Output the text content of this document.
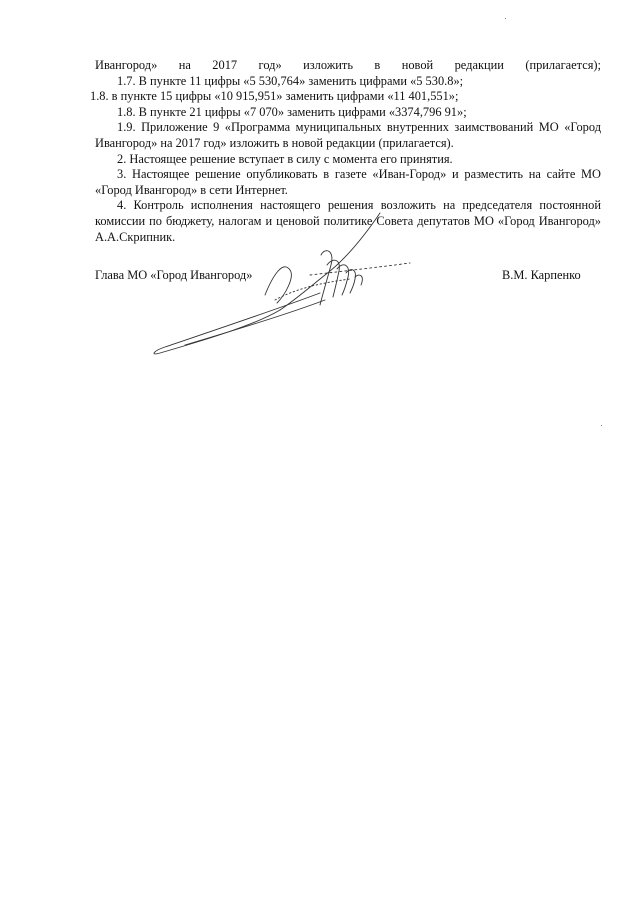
Ивангород» на 2017 год» изложить в новой редакции (прилагается);

1.7. В пункте 11 цифры «5 530,764» заменить цифрами «5 530.8»;

1.8. в пункте 15 цифры «10 915,951» заменить цифрами «11 401,551»;

1.8. В пункте 21 цифры «7 070» заменить цифрами «3374,796 91»;

1.9. Приложение 9 «Программа муниципальных внутренних заимствований МО «Город Ивангород» на 2017 год» изложить в новой редакции (прилагается).

2. Настоящее решение вступает в силу с момента его принятия.

3. Настоящее решение опубликовать в газете «Иван-Город» и разместить на сайте МО «Город Ивангород» в сети Интернет.

4. Контроль исполнения настоящего решения возложить на председателя постоянной комиссии по бюджету, налогам и ценовой политике Совета депутатов МО «Город Ивангород» А.А.Скрипник.

Глава МО «Город Ивангород»	В.М. Карпенко
